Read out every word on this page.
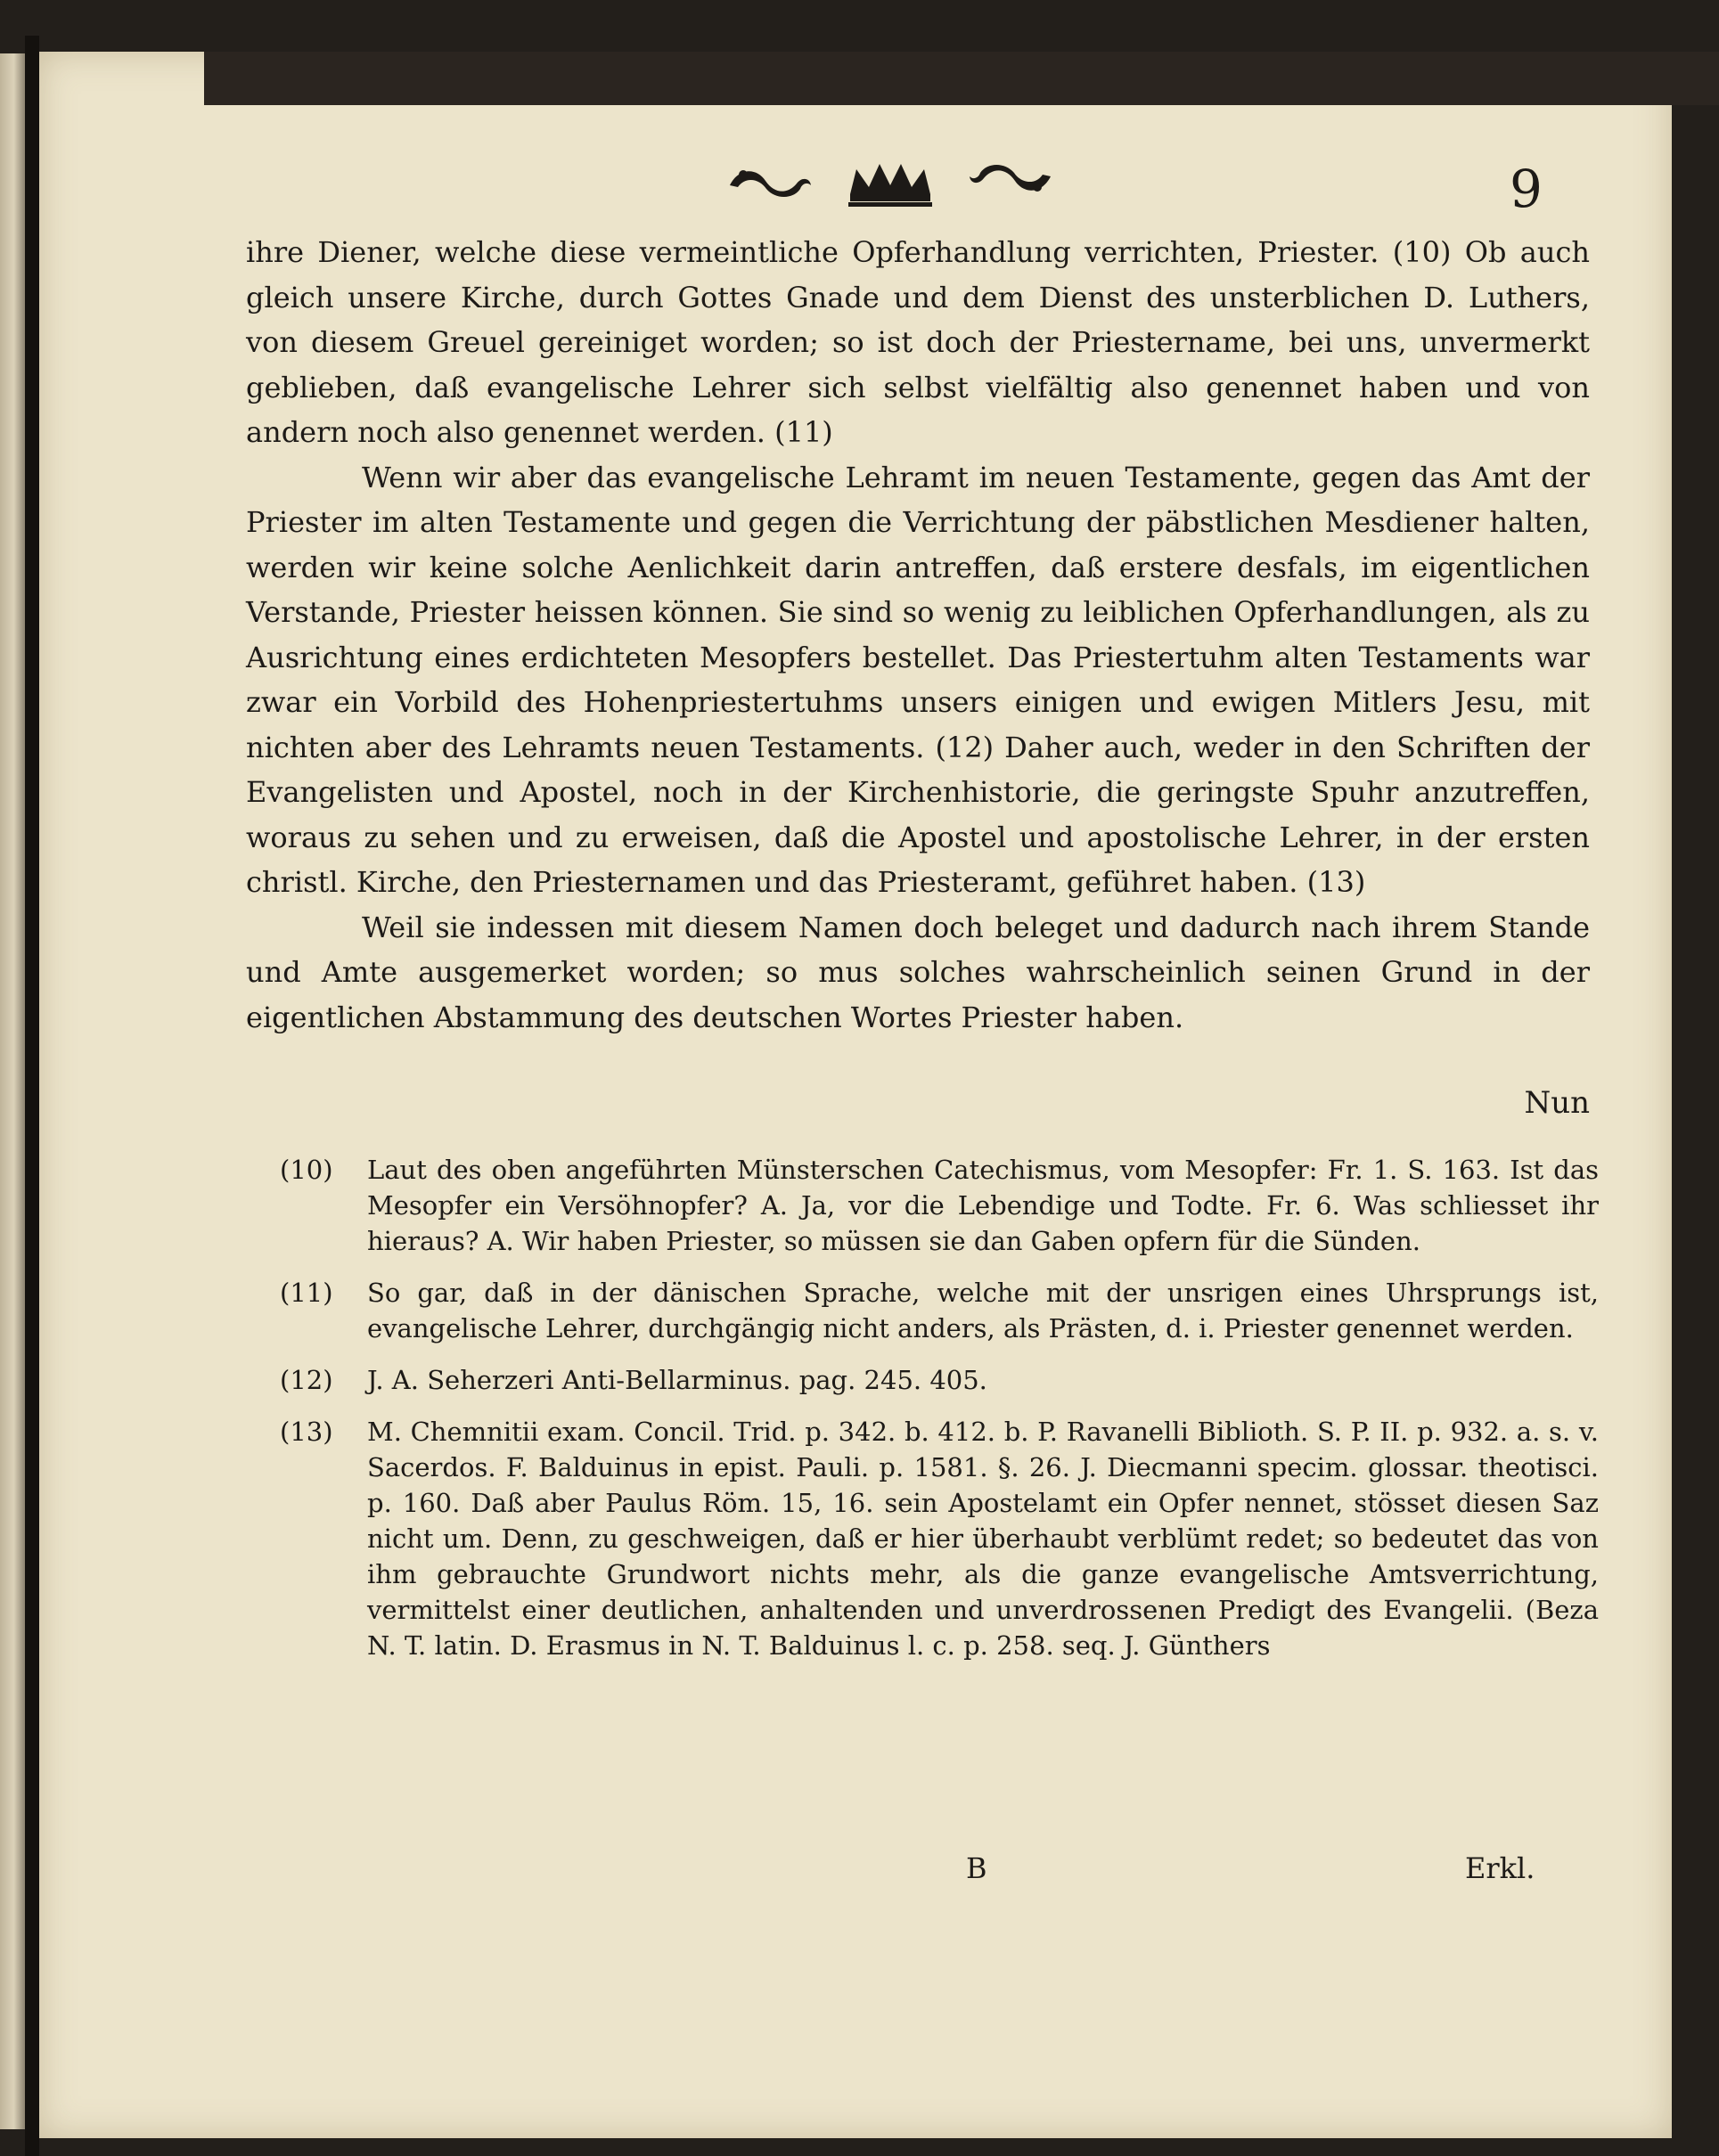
9

ihre Diener, welche diese vermeintliche Opferhandlung verrichten, Priester. (10) Ob auch gleich unsere Kirche, durch Gottes Gnade und dem Dienst des unsterblichen D. Luthers, von diesem Greuel gereiniget worden; so ist doch der Priestername, bei uns, unvermerkt geblieben, daß evangelische Lehrer sich selbst vielfältig also genennet haben und von andern noch also genennet werden. (11)

Wenn wir aber das evangelische Lehramt im neuen Testamente, gegen das Amt der Priester im alten Testamente und gegen die Verrichtung der päbstlichen Mesdiener halten, werden wir keine solche Aenlichkeit darin antreffen, daß erstere desfals, im eigentlichen Verstande, Priester heissen können. Sie sind so wenig zu leiblichen Opferhandlungen, als zu Ausrichtung eines erdichteten Mesopfers bestellet. Das Priestertuhm alten Testaments war zwar ein Vorbild des Hohenpriestertuhms unsers einigen und ewigen Mitlers Jesu, mit nichten aber des Lehramts neuen Testaments. (12) Daher auch, weder in den Schriften der Evangelisten und Apostel, noch in der Kirchenhistorie, die geringste Spuhr anzutreffen, woraus zu sehen und zu erweisen, daß die Apostel und apostolische Lehrer, in der ersten christl. Kirche, den Priesternamen und das Priesteramt, geführet haben. (13)

Weil sie indessen mit diesem Namen doch beleget und dadurch nach ihrem Stande und Amte ausgemerket worden; so mus solches wahrscheinlich seinen Grund in der eigentlichen Abstammung des deutschen Wortes Priester haben.

Nun
(10) Laut des oben angeführten Münsterschen Catechismus, vom Mesopfer: Fr. 1. S. 163. Ist das Mesopfer ein Versöhnopfer? A. Ja, vor die Lebendige und Todte. Fr. 6. Was schliesset ihr hieraus? A. Wir haben Priester, so müssen sie dan Gaben opfern für die Sünden.
(11) So gar, daß in der dänischen Sprache, welche mit der unsrigen eines Uhrsprungs ist, evangelische Lehrer, durchgängig nicht anders, als Prästen, d. i. Priester genennet werden.
(12) J. A. Seherzeri Anti-Bellarminus. pag. 245. 405.
(13) M. Chemnitii exam. Concil. Trid. p. 342. b. 412. b. P. Ravanelli Biblioth. S. P. II. p. 932. a. s. v. Sacerdos. F. Balduinus in epist. Pauli. p. 1581. §. 26. J. Diecmanni specim. glossar. theotisci. p. 160. Daß aber Paulus Röm. 15, 16. sein Apostelamt ein Opfer nennet, stösset diesen Saz nicht um. Denn, zu geschweigen, daß er hier überhaubt verblümt redet; so bedeutet das von ihm gebrauchte Grundwort nichts mehr, als die ganze evangelische Amtsverrichtung, vermittelst einer deutlichen, anhaltenden und unverdrossenen Predigt des Evangelii. (Beza N. T. latin. D. Erasmus in N. T. Balduinus l. c. p. 258. seq. J. Günthers
B	Erkl.
